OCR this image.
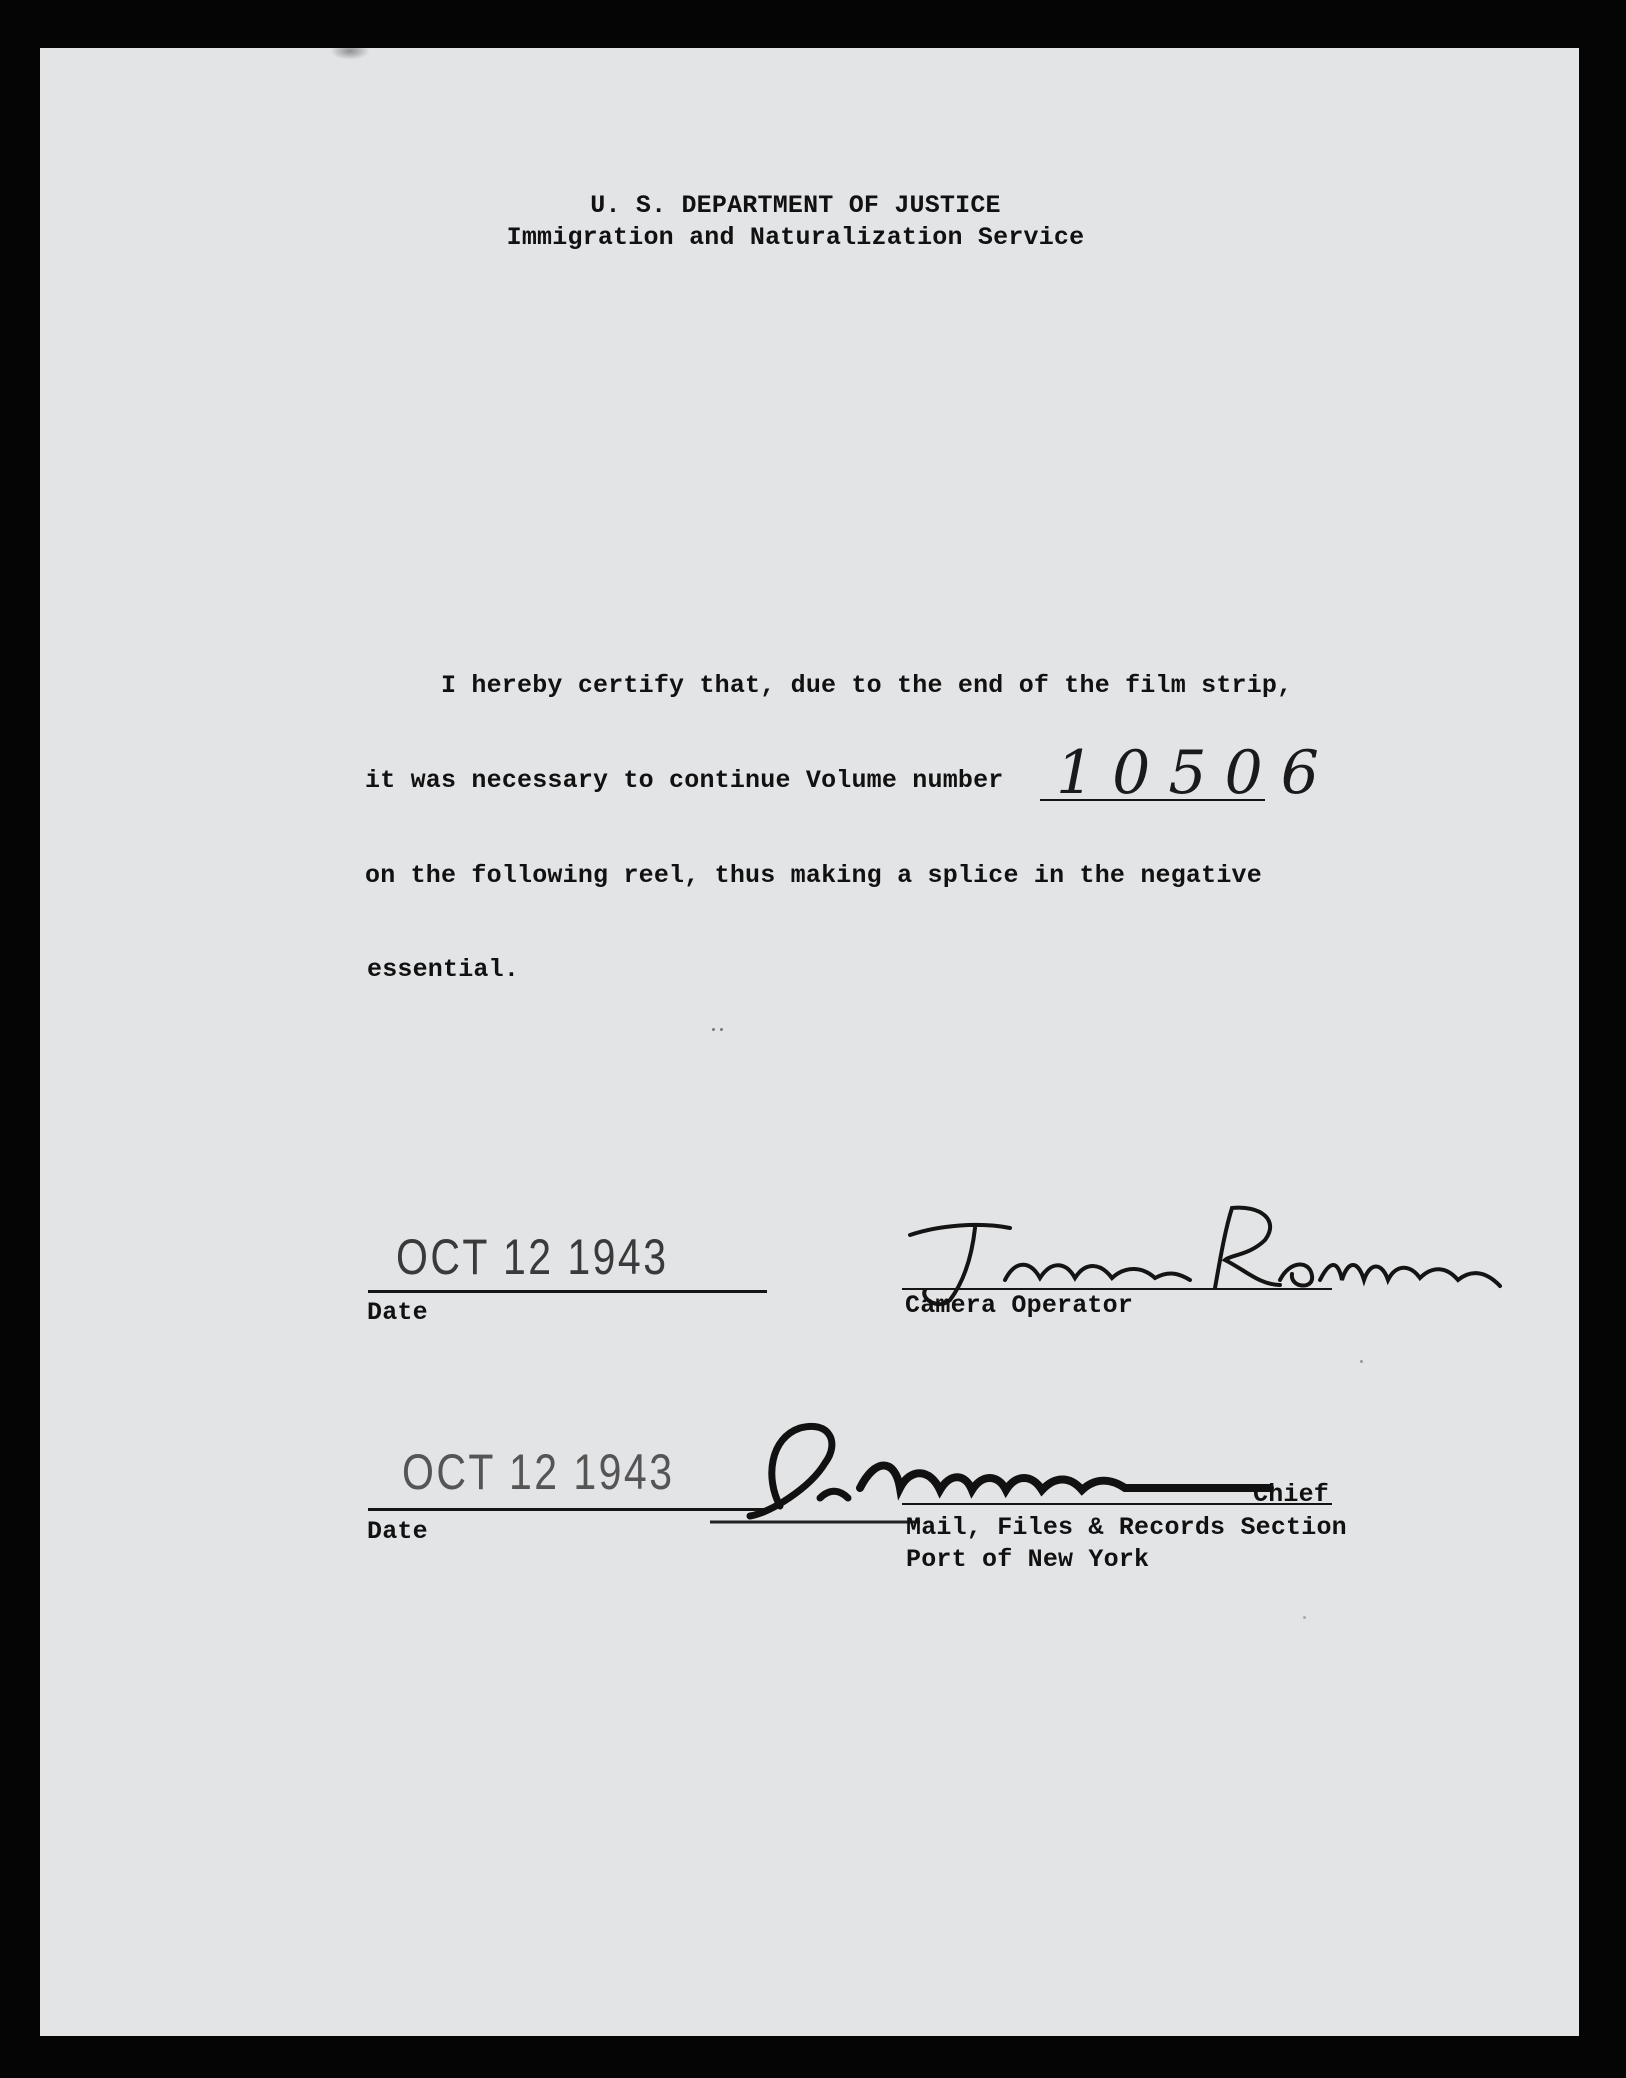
U. S. DEPARTMENT OF JUSTICE

Immigration and Naturalization Service

I hereby certify that, due to the end of the film strip,

it was necessary to continue Volume number 10506

on the following reel, thus making a splice in the negative

essential.

OCT 12 1943

Date	Camera Operator

OCT 12 1943

Date

Chief

Mail, Files & Records Section

Port of New York
